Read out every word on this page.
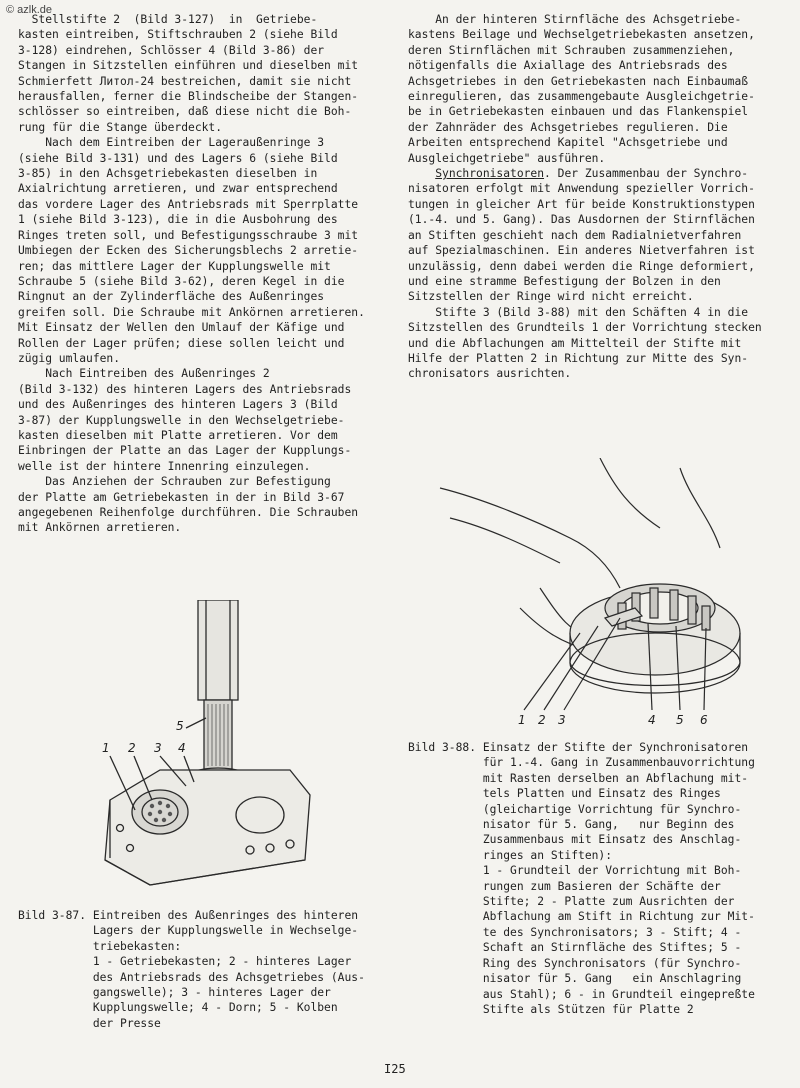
© azlk.de

Stellstifte 2  (Bild 3-127)  in  Getriebe-

kasten eintreiben, Stiftschrauben 2 (siehe Bild

3-128) eindrehen, Schlösser 4 (Bild 3-86) der

Stangen in Sitzstellen einführen und dieselben mit

Schmierfett Литол-24 bestreichen, damit sie nicht

herausfallen, ferner die Blindscheibe der Stangen-

schlösser so eintreiben, daß diese nicht die Boh-

rung für die Stange überdeckt.

Nach dem Eintreiben der Lageraußenringe 3

(siehe Bild 3-131) und des Lagers 6 (siehe Bild

3-85) in den Achsgetriebekasten dieselben in

Axialrichtung arretieren, und zwar entsprechend

das vordere Lager des Antriebsrads mit Sperrplatte

1 (siehe Bild 3-123), die in die Ausbohrung des

Ringes treten soll, und Befestigungsschraube 3 mit

Umbiegen der Ecken des Sicherungsblechs 2 arretie-

ren; das mittlere Lager der Kupplungswelle mit

Schraube 5 (siehe Bild 3-62), deren Kegel in die

Ringnut an der Zylinderfläche des Außenringes

greifen soll. Die Schraube mit Ankörnen arretieren.

Mit Einsatz der Wellen den Umlauf der Käfige und

Rollen der Lager prüfen; diese sollen leicht und

zügig umlaufen.

Nach Eintreiben des Außenringes 2

(Bild 3-132) des hinteren Lagers des Antriebsrads

und des Außenringes des hinteren Lagers 3 (Bild

3-87) der Kupplungswelle in den Wechselgetriebe-

kasten dieselben mit Platte arretieren. Vor dem

Einbringen der Platte an das Lager der Kupplungs-

welle ist der hintere Innenring einzulegen.

Das Anziehen der Schrauben zur Befestigung

der Platte am Getriebekasten in der in Bild 3-67

angegebenen Reihenfolge durchführen. Die Schrauben

mit Ankörnen arretieren.

An der hinteren Stirnfläche des Achsgetriebe-

kastens Beilage und Wechselgetriebekasten ansetzen,

deren Stirnflächen mit Schrauben zusammenziehen,

nötigenfalls die Axiallage des Antriebsrads des

Achsgetriebes in den Getriebekasten nach Einbaumaß

einregulieren, das zusammengebaute Ausgleichgetrie-

be in Getriebekasten einbauen und das Flankenspiel

der Zahnräder des Achsgetriebes regulieren. Die

Arbeiten entsprechend Kapitel "Achsgetriebe und

Ausgleichgetriebe" ausführen.

Synchronisatoren. Der Zusammenbau der Synchro-

nisatoren erfolgt mit Anwendung spezieller Vorrich-

tungen in gleicher Art für beide Konstruktionstypen

(1.-4. und 5. Gang). Das Ausdornen der Stirnflächen

an Stiften geschieht nach dem Radialnietverfahren

auf Spezialmaschinen. Ein anderes Nietverfahren ist

unzulässig, denn dabei werden die Ringe deformiert,

und eine stramme Befestigung der Bolzen in den

Sitzstellen der Ringe wird nicht erreicht.

Stifte 3 (Bild 3-88) mit den Schäften 4 in die

Sitzstellen des Grundteils 1 der Vorrichtung stecken

und die Abflachungen am Mittelteil der Stifte mit

Hilfe der Platten 2 in Richtung zur Mitte des Syn-

chronisators ausrichten.

1 2 3 4
5	1 2 3	4 5 6

Bild 3-87. Eintreiben des Außenringes des hinteren

Lagers der Kupplungswelle in Wechselge-

triebekasten:

1 - Getriebekasten; 2 - hinteres Lager

des Antriebsrads des Achsgetriebes (Aus-

gangswelle); 3 - hinteres Lager der

Kupplungswelle; 4 - Dorn; 5 - Kolben

der Presse

Bild 3-88. Einsatz der Stifte der Synchronisatoren

für 1.-4. Gang in Zusammenbauvorrichtung

mit Rasten derselben an Abflachung mit-

tels Platten und Einsatz des Ringes

(gleichartige Vorrichtung für Synchro-

nisator für 5. Gang,   nur Beginn des

Zusammenbaus mit Einsatz des Anschlag-

ringes an Stiften):

1 - Grundteil der Vorrichtung mit Boh-

rungen zum Basieren der Schäfte der

Stifte; 2 - Platte zum Ausrichten der

Abflachung am Stift in Richtung zur Mit-

te des Synchronisators; 3 - Stift; 4 -

Schaft an Stirnfläche des Stiftes; 5 -

Ring des Synchronisators (für Synchro-

nisator für 5. Gang   ein Anschlagring

aus Stahl); 6 - in Grundteil eingepreßte

Stifte als Stützen für Platte 2

I25
